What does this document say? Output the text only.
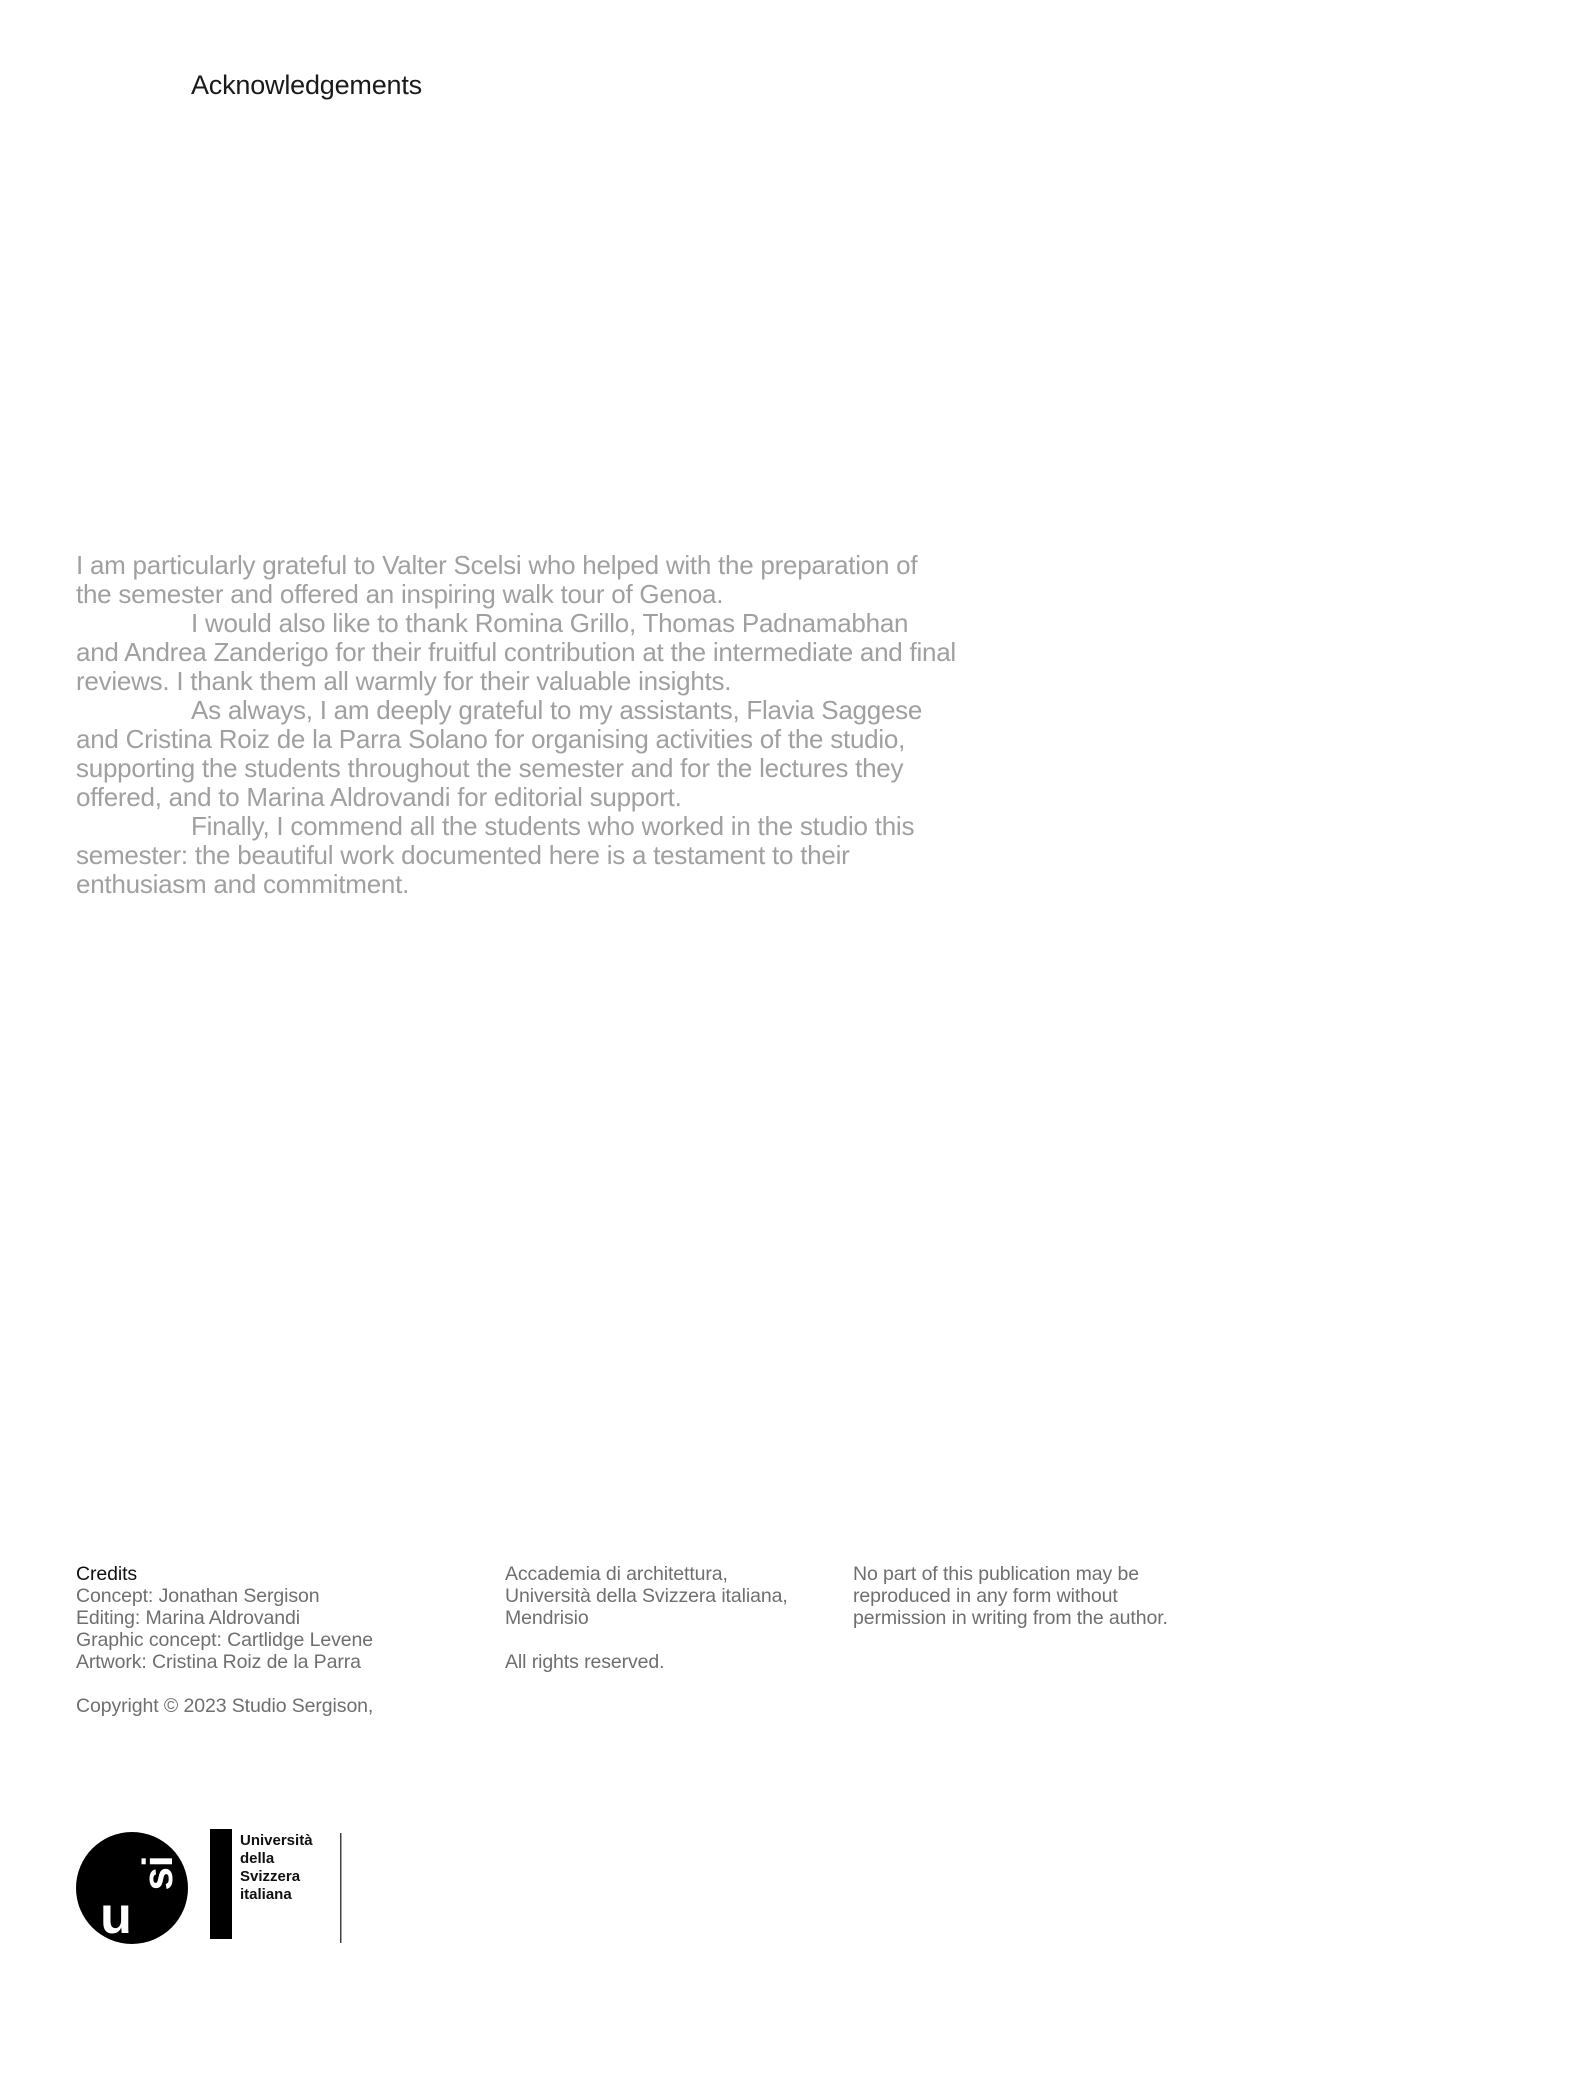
Acknowledgements

I am particularly grateful to Valter Scelsi who helped with the preparation of the semester and offered an inspiring walk tour of Genoa.

I would also like to thank Romina Grillo, Thomas Padnamabhan and Andrea Zanderigo for their fruitful contribution at the intermediate and final reviews. I thank them all warmly for their valuable insights.

As always, I am deeply grateful to my assistants, Flavia Saggese and Cristina Roiz de la Parra Solano for organising activities of the studio, supporting the students throughout the semester and for the lectures they offered, and to Marina Aldrovandi for editorial support.

Finally, I commend all the students who worked in the studio this semester: the beautiful work documented here is a testament to their enthusiasm and commitment.

Credits
Concept: Jonathan Sergison
Editing: Marina Aldrovandi
Graphic concept: Cartlidge Levene
Artwork: Cristina Roiz de la Parra
Copyright © 2023 Studio Sergison,
Accademia di architettura,
Università della Svizzera italiana,
Mendrisio
All rights reserved.
No part of this publication may be
reproduced in any form without
permission in writing from the author.
u
si
Università
della
Svizzera
italiana
